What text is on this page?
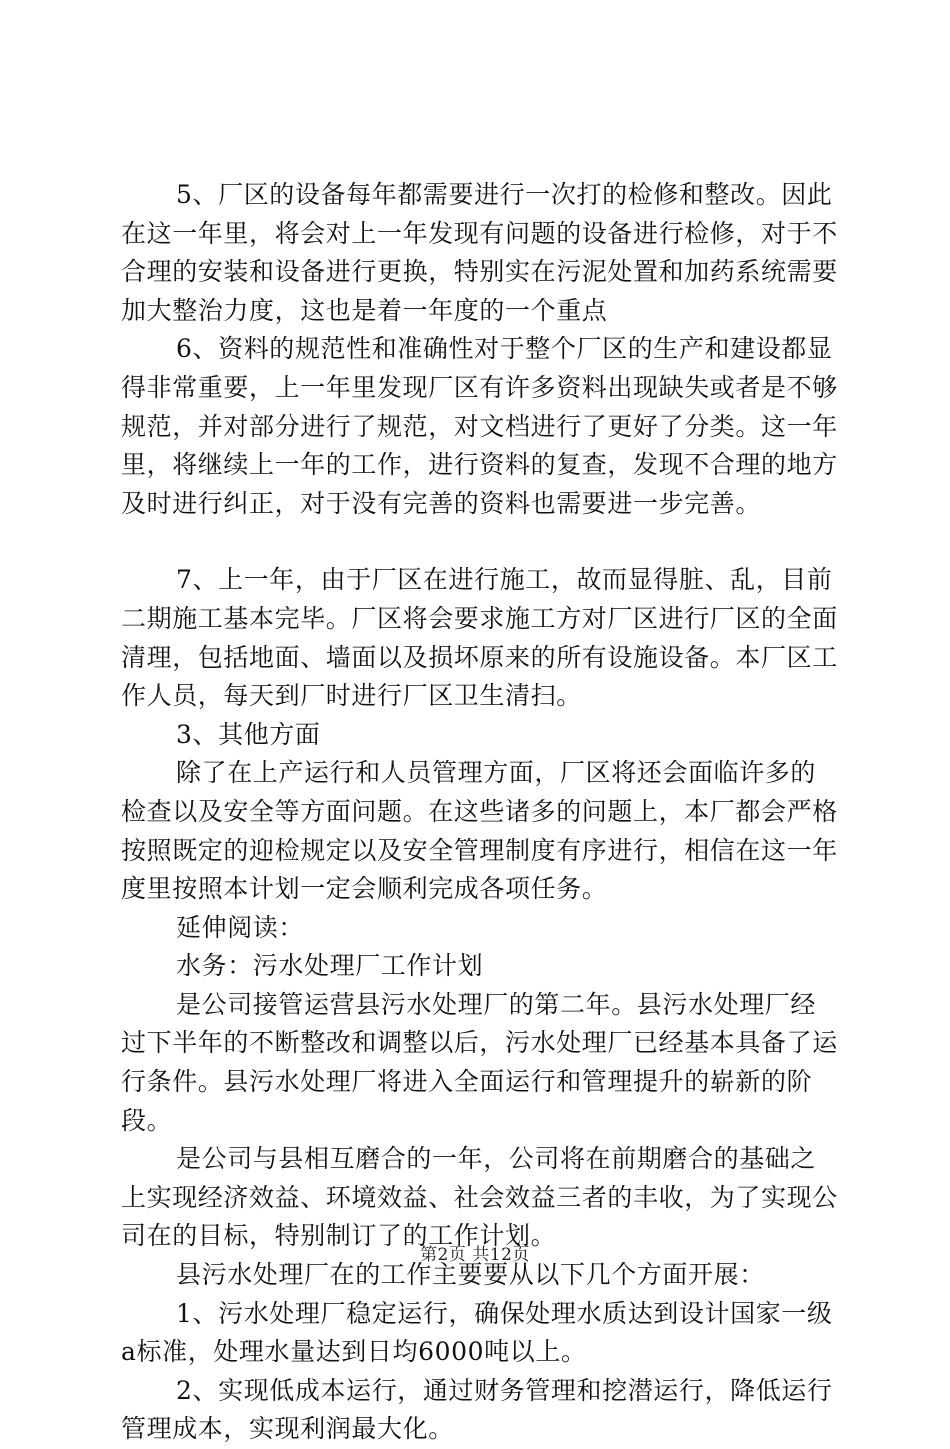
5、厂区的设备每年都需要进行一次打的检修和整改。因此在这一年里，将会对上一年发现有问题的设备进行检修，对于不合理的安装和设备进行更换，特别实在污泥处置和加药系统需要加大整治力度，这也是着一年度的一个重点

6、资料的规范性和准确性对于整个厂区的生产和建设都显得非常重要，上一年里发现厂区有许多资料出现缺失或者是不够规范，并对部分进行了规范，对文档进行了更好了分类。这一年里，将继续上一年的工作，进行资料的复查，发现不合理的地方及时进行纠正，对于没有完善的资料也需要进一步完善。

7、上一年，由于厂区在进行施工，故而显得脏、乱，目前二期施工基本完毕。厂区将会要求施工方对厂区进行厂区的全面清理，包括地面、墙面以及损坏原来的所有设施设备。本厂区工作人员，每天到厂时进行厂区卫生清扫。

3、其他方面

除了在上产运行和人员管理方面，厂区将还会面临许多的检查以及安全等方面问题。在这些诸多的问题上，本厂都会严格按照既定的迎检规定以及安全管理制度有序进行，相信在这一年度里按照本计划一定会顺利完成各项任务。

延伸阅读：

水务：污水处理厂工作计划

是公司接管运营县污水处理厂的第二年。县污水处理厂经过下半年的不断整改和调整以后，污水处理厂已经基本具备了运行条件。县污水处理厂将进入全面运行和管理提升的崭新的阶段。

是公司与县相互磨合的一年，公司将在前期磨合的基础之上实现经济效益、环境效益、社会效益三者的丰收，为了实现公司在的目标，特别制订了的工作计划。

县污水处理厂在的工作主要要从以下几个方面开展：

1、污水处理厂稳定运行，确保处理水质达到设计国家一级a标准，处理水量达到日均6000吨以上。

2、实现低成本运行，通过财务管理和挖潜运行，降低运行管理成本，实现利润最大化。

第2页 共12页
